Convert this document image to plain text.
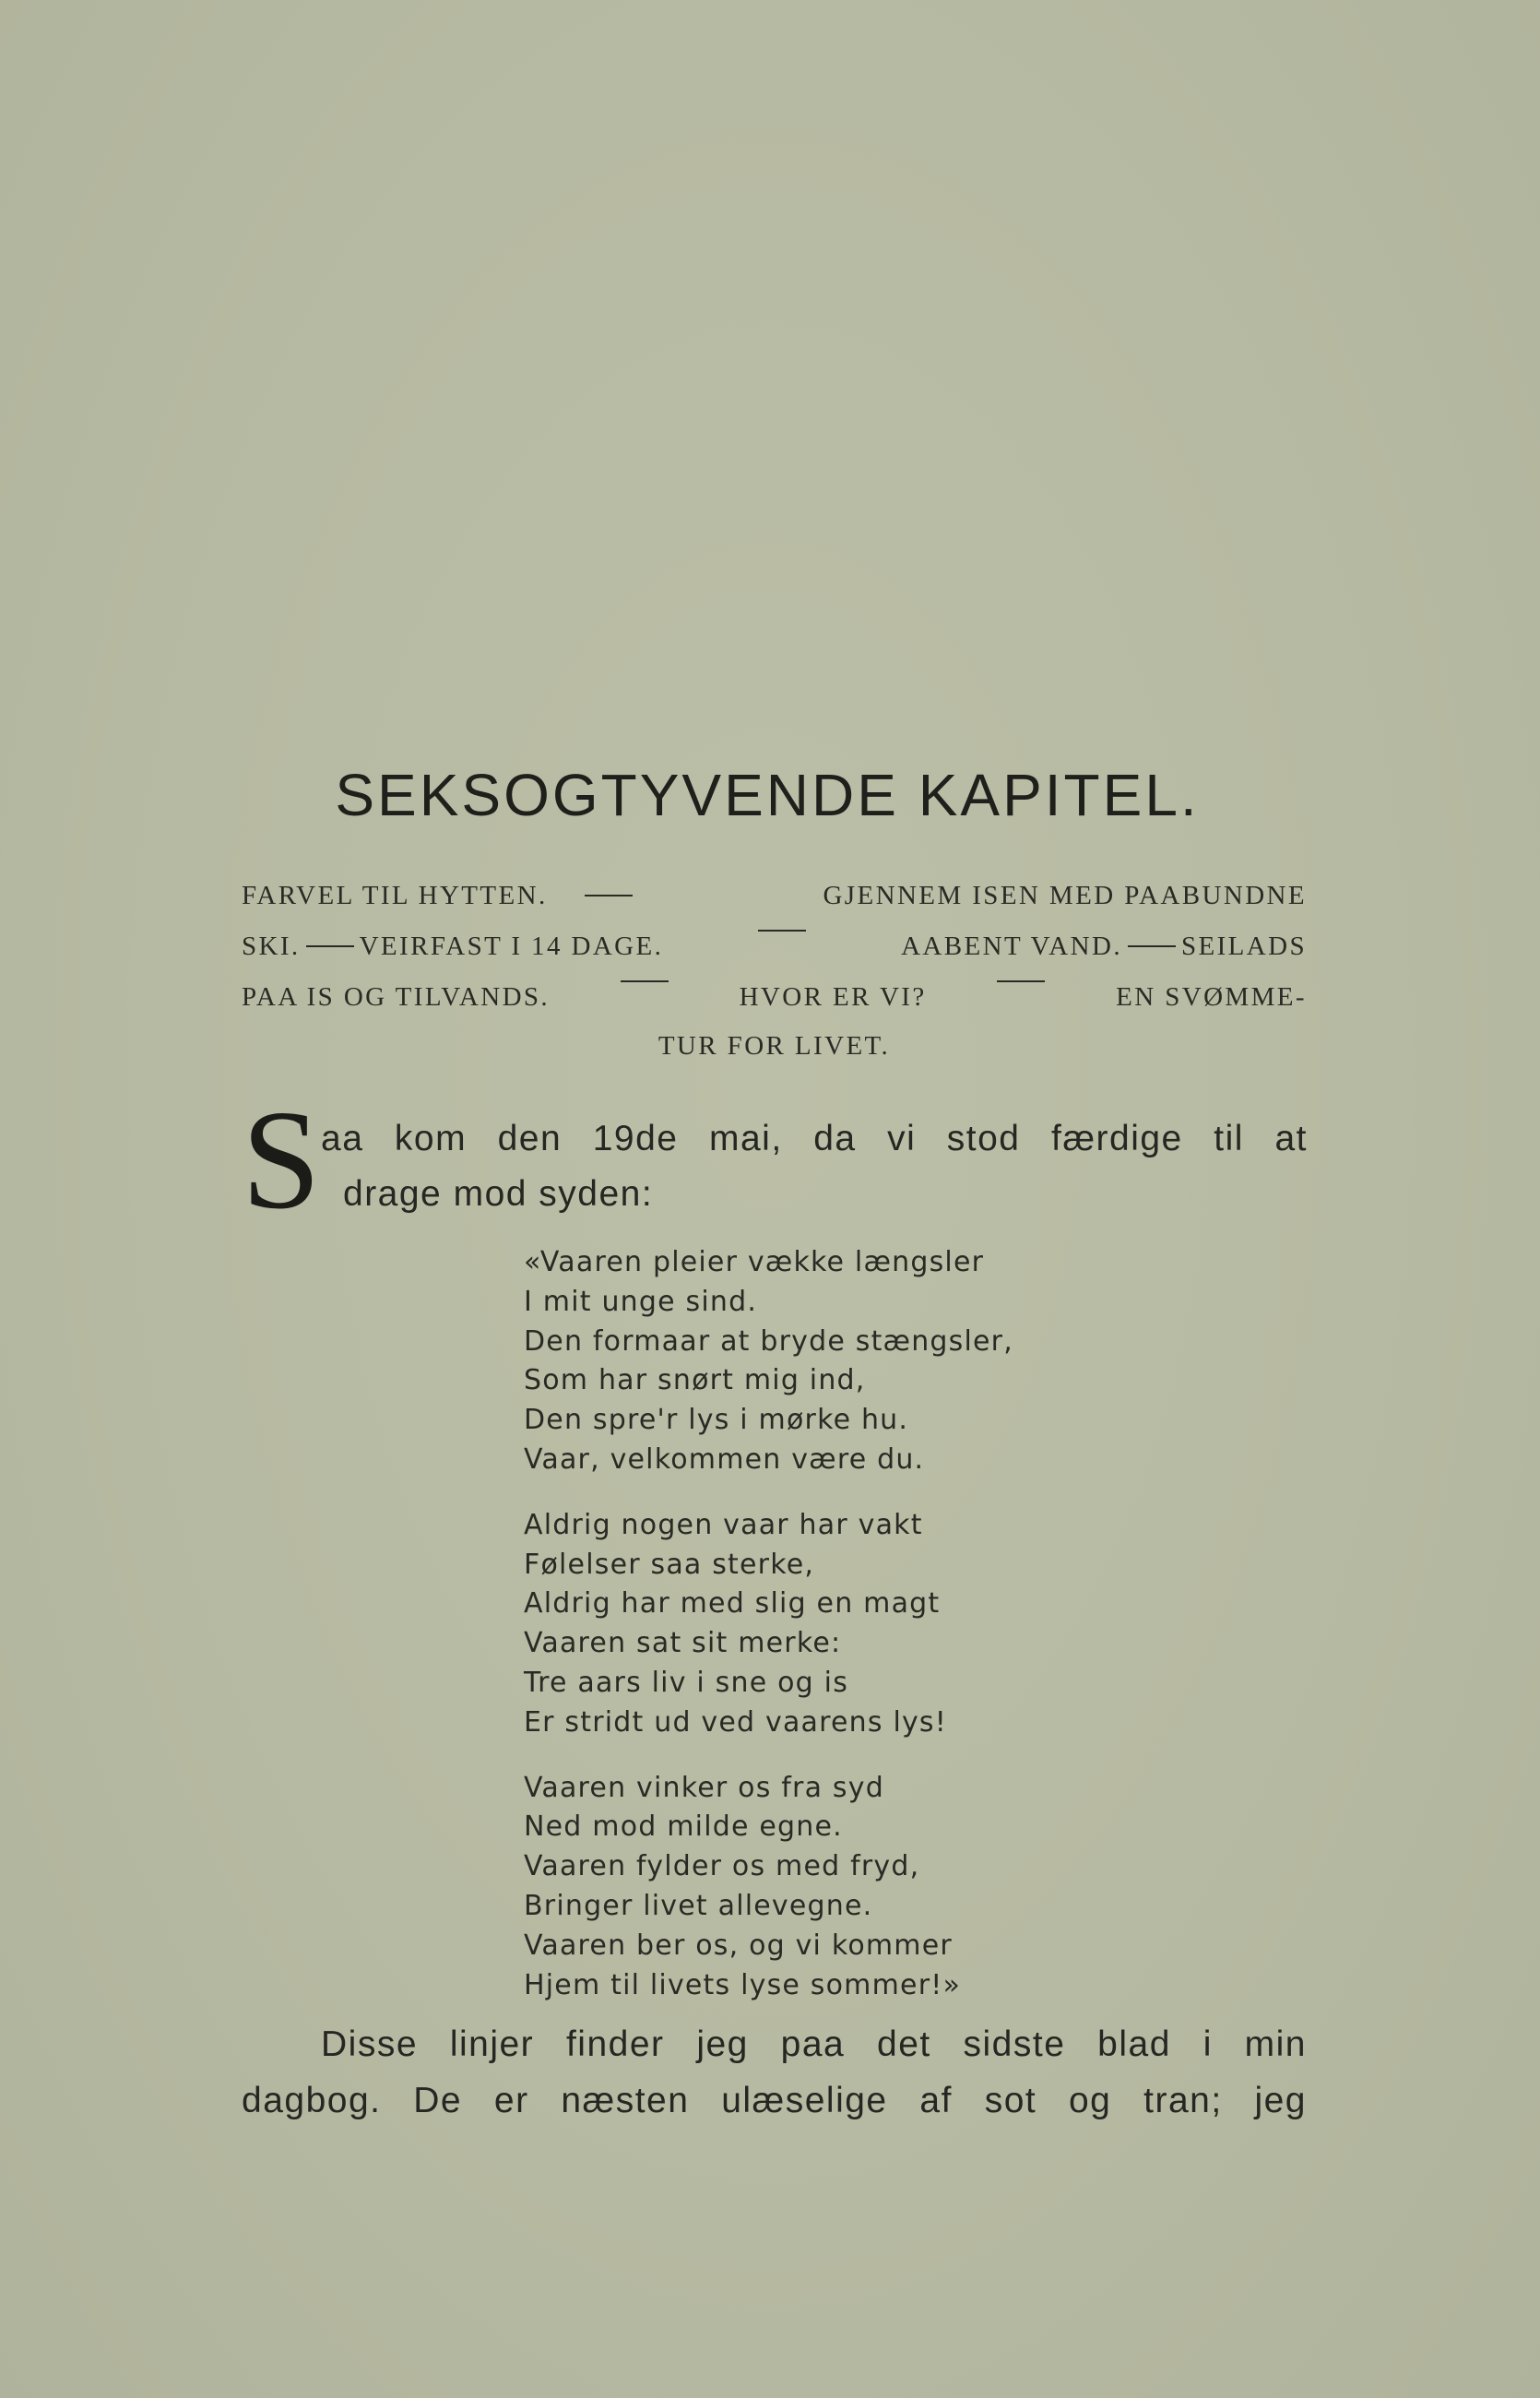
SEKSOGTYVENDE KAPITEL.
FARVEL TIL HYTTEN.	GJENNEM ISEN MED PAABUNDNE
SKI. VEIRFAST I 14 DAGE.	AABENT VAND. SEILADS
PAA IS OG TILVANDS.	HVOR ER VI?	EN SVØMME-
TUR FOR LIVET.
S aa kom den 19de mai, da vi stod færdige til at
drage mod syden:
«Vaaren pleier vække længsler
I mit unge sind.
Den formaar at bryde stængsler,
Som har snørt mig ind,
Den spre'r lys i mørke hu.
Vaar, velkommen være du.
Aldrig nogen vaar har vakt
Følelser saa sterke,
Aldrig har med slig en magt
Vaaren sat sit merke:
Tre aars liv i sne og is
Er stridt ud ved vaarens lys!
Vaaren vinker os fra syd
Ned mod milde egne.
Vaaren fylder os med fryd,
Bringer livet allevegne.
Vaaren ber os, og vi kommer
Hjem til livets lyse sommer!»
Disse linjer finder jeg paa det sidste blad i min
dagbog. De er næsten ulæselige af sot og tran; jeg
